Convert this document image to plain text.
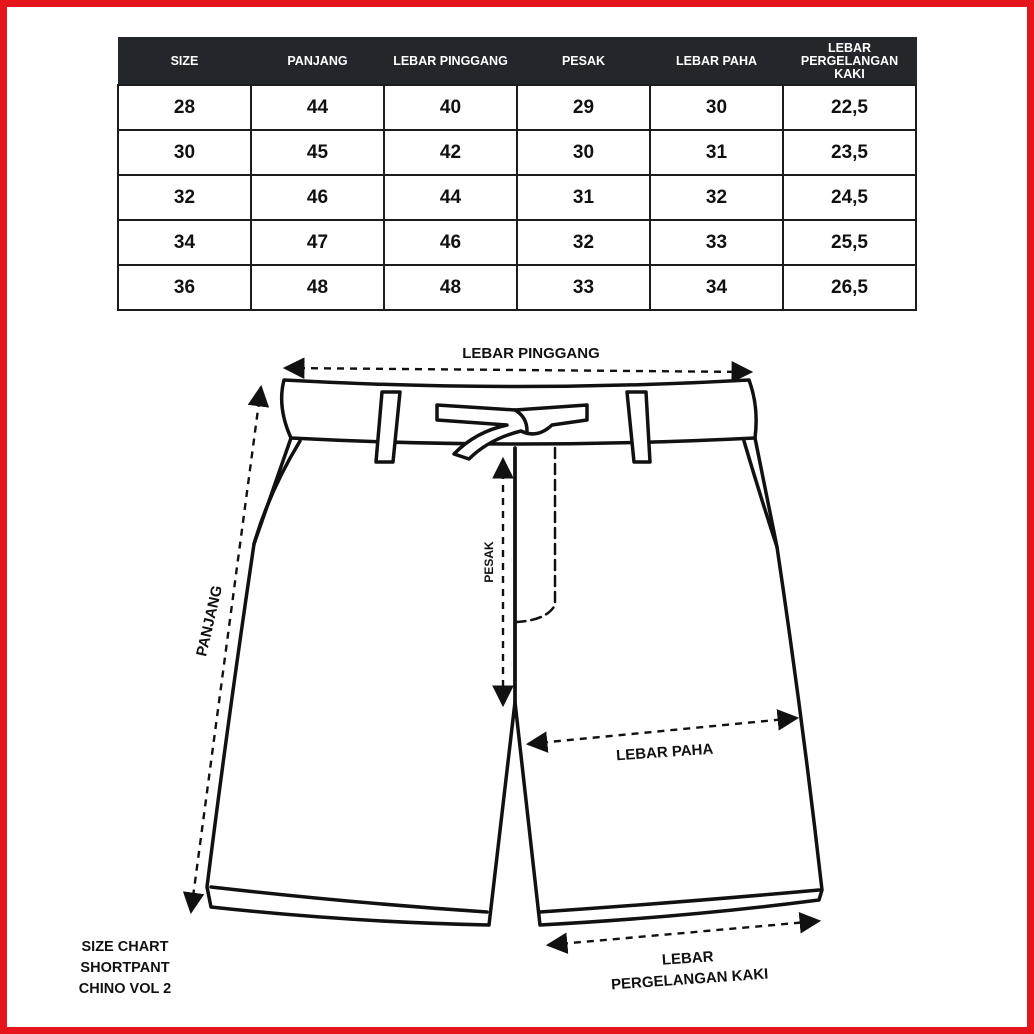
SIZE	PANJANG	LEBAR PINGGANG	PESAK	LEBAR PAHA	LEBAR PERGELANGAN KAKI
28	44	40	29	30	22,5
30	45	42	30	31	23,5
32	46	44	31	32	24,5
34	47	46	32	33	25,5
36	48	48	33	34	26,5
LEBAR PINGGANG
PANJANG
PESAK
LEBAR PAHA
LEBAR
PERGELANGAN KAKI
SIZE CHART
SHORTPANT
CHINO VOL 2
